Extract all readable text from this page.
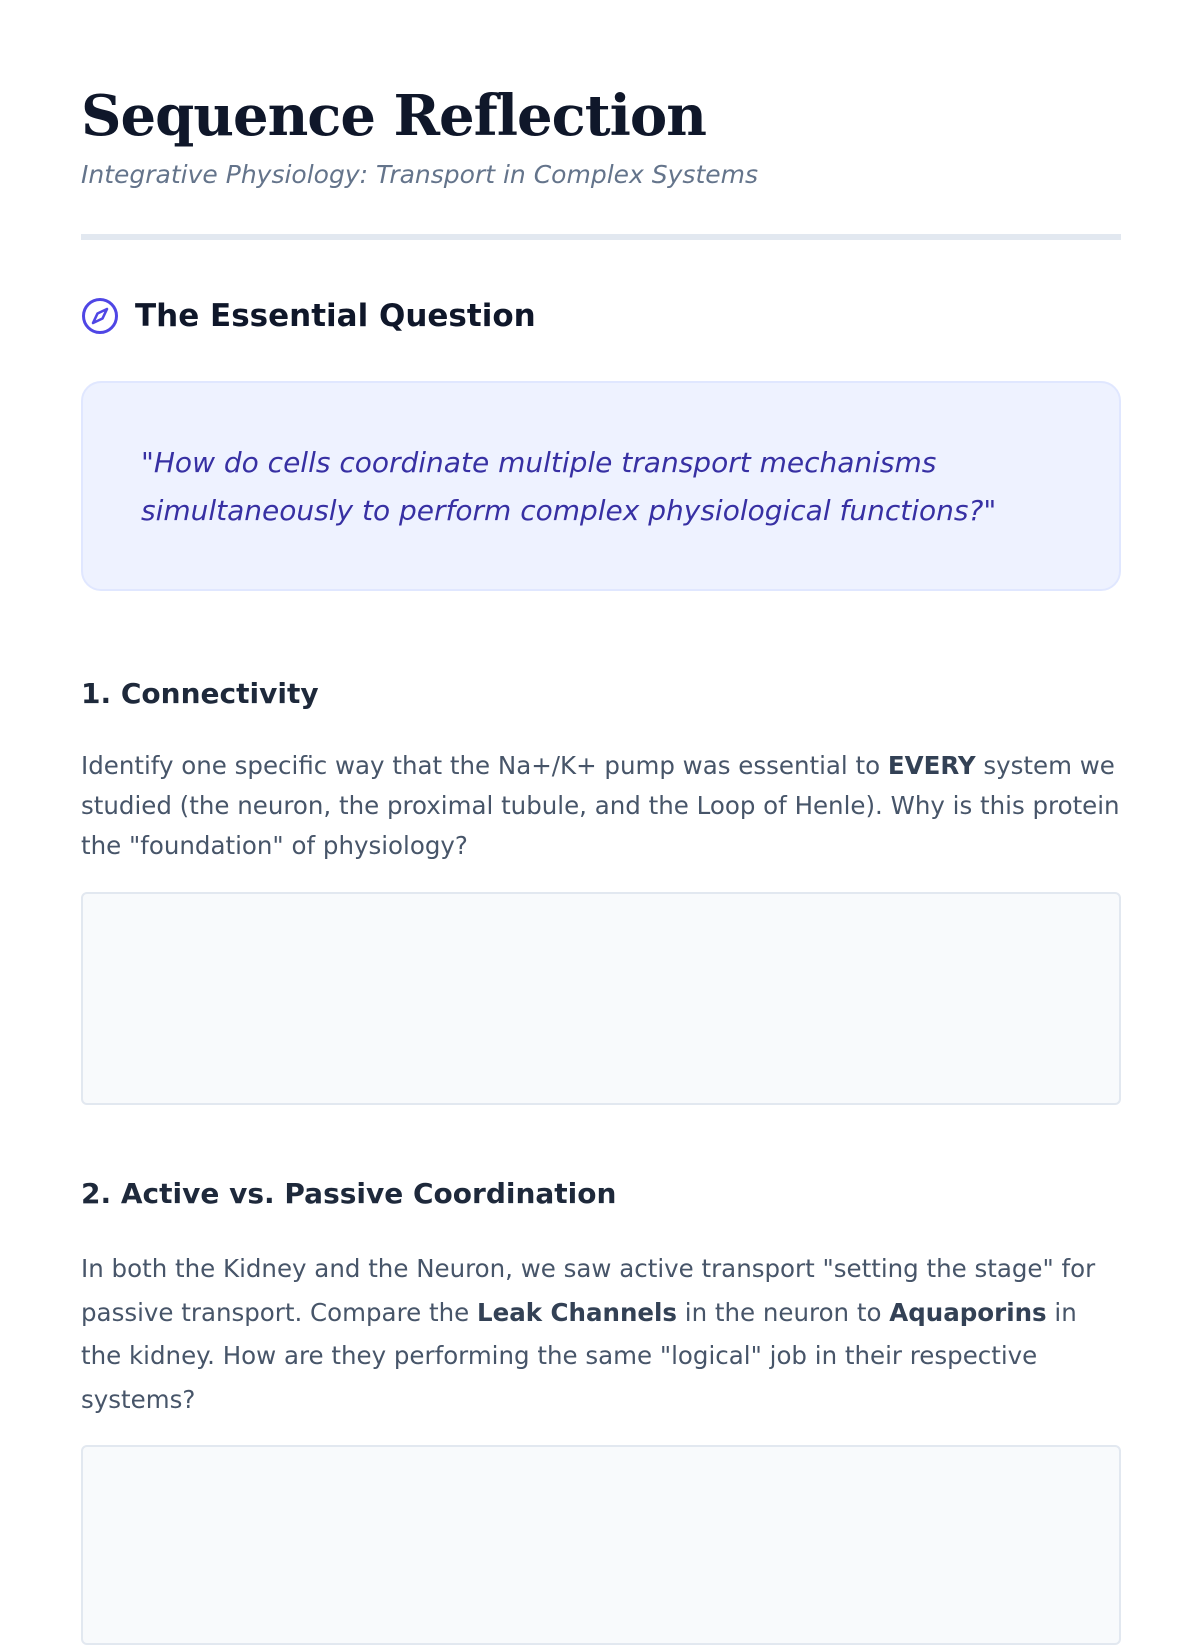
Sequence Reflection
Integrative Physiology: Transport in Complex Systems
The Essential Question

"How do cells coordinate multiple transport mechanisms simultaneously to perform complex physiological functions?"

1. Connectivity

Identify one specific way that the Na+/K+ pump was essential to EVERY system we studied (the neuron, the proximal tubule, and the Loop of Henle). Why is this protein the "foundation" of physiology?

2. Active vs. Passive Coordination

In both the Kidney and the Neuron, we saw active transport "setting the stage" for passive transport. Compare the Leak Channels in the neuron to Aquaporins in the kidney. How are they performing the same "logical" job in their respective systems?
